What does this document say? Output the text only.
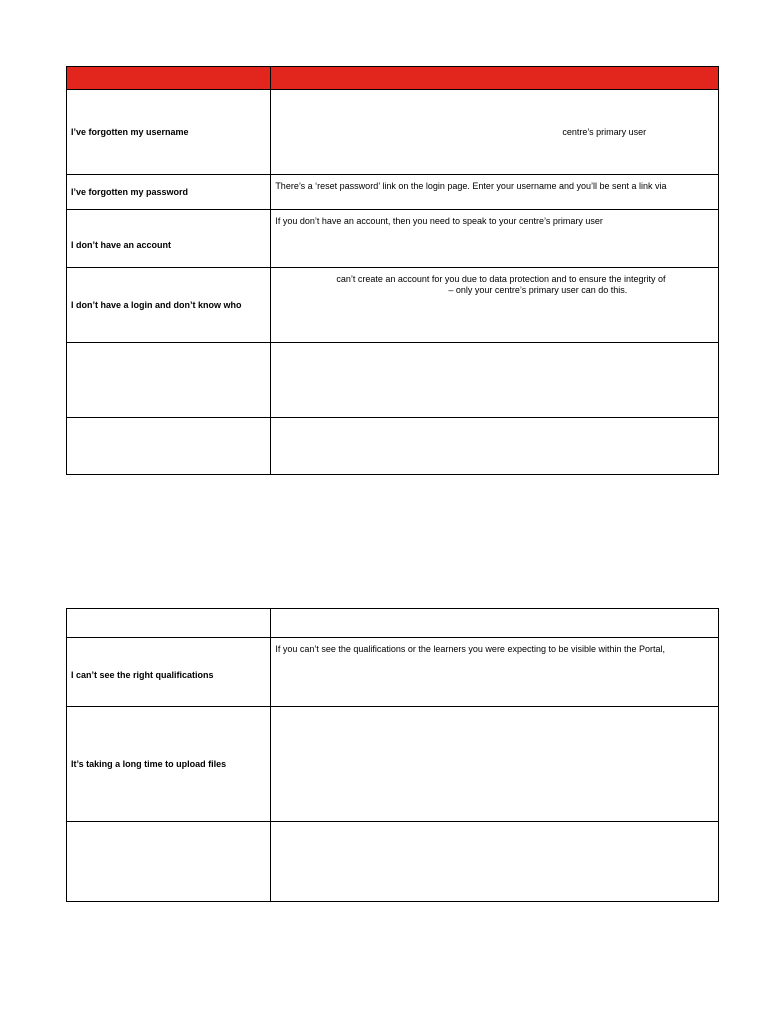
I’ve forgotten my username	centre’s primary user

I’ve forgotten my password	There’s a ‘reset password’ link on the login page. Enter your username and you’ll be sent a link via

I don’t have an account	If you don’t have an account, then you need to speak to your centre’s primary user

I don’t have a login and don’t know who	can’t create an account for you due to data protection and to ensure the integrity of
– only your centre’s primary user can do this.

I can’t see the right qualifications	If you can’t see the qualifications or the learners you were expecting to be visible within the Portal,

It’s taking a long time to upload files	
